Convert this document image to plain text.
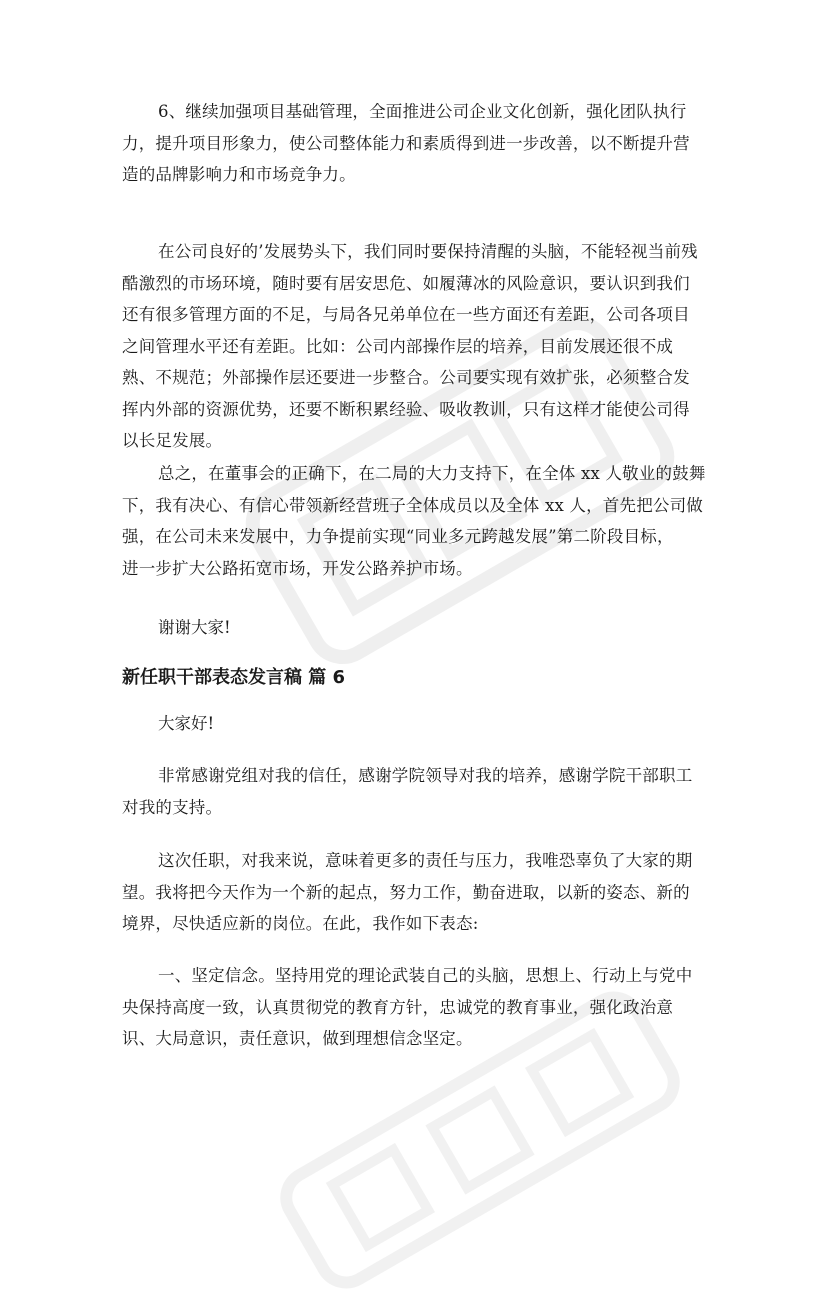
6、继续加强项目基础管理，全面推进公司企业文化创新，强化团队执行
力，提升项目形象力，使公司整体能力和素质得到进一步改善，以不断提升营
造的品牌影响力和市场竞争力。

在公司良好的’发展势头下，我们同时要保持清醒的头脑，不能轻视当前残
酷激烈的市场环境，随时要有居安思危、如履薄冰的风险意识，要认识到我们
还有很多管理方面的不足，与局各兄弟单位在一些方面还有差距，公司各项目
之间管理水平还有差距。比如：公司内部操作层的培养，目前发展还很不成
熟、不规范；外部操作层还要进一步整合。公司要实现有效扩张，必须整合发
挥内外部的资源优势，还要不断积累经验、吸收教训，只有这样才能使公司得
以长足发展。

总之，在董事会的正确下，在二局的大力支持下，在全体 xx 人敬业的鼓舞
下，我有决心、有信心带领新经营班子全体成员以及全体 xx 人，首先把公司做
强，在公司未来发展中，力争提前实现“同业多元跨越发展”第二阶段目标，
进一步扩大公路拓宽市场，开发公路养护市场。

谢谢大家!

新任职干部表态发言稿 篇 6

大家好!

非常感谢党组对我的信任，感谢学院领导对我的培养，感谢学院干部职工
对我的支持。

这次任职，对我来说，意味着更多的责任与压力，我唯恐辜负了大家的期
望。我将把今天作为一个新的起点，努力工作，勤奋进取，以新的姿态、新的
境界，尽快适应新的岗位。在此，我作如下表态:

一、坚定信念。坚持用党的理论武装自己的头脑，思想上、行动上与党中
央保持高度一致，认真贯彻党的教育方针，忠诚党的教育事业，强化政治意
识、大局意识，责任意识，做到理想信念坚定。
